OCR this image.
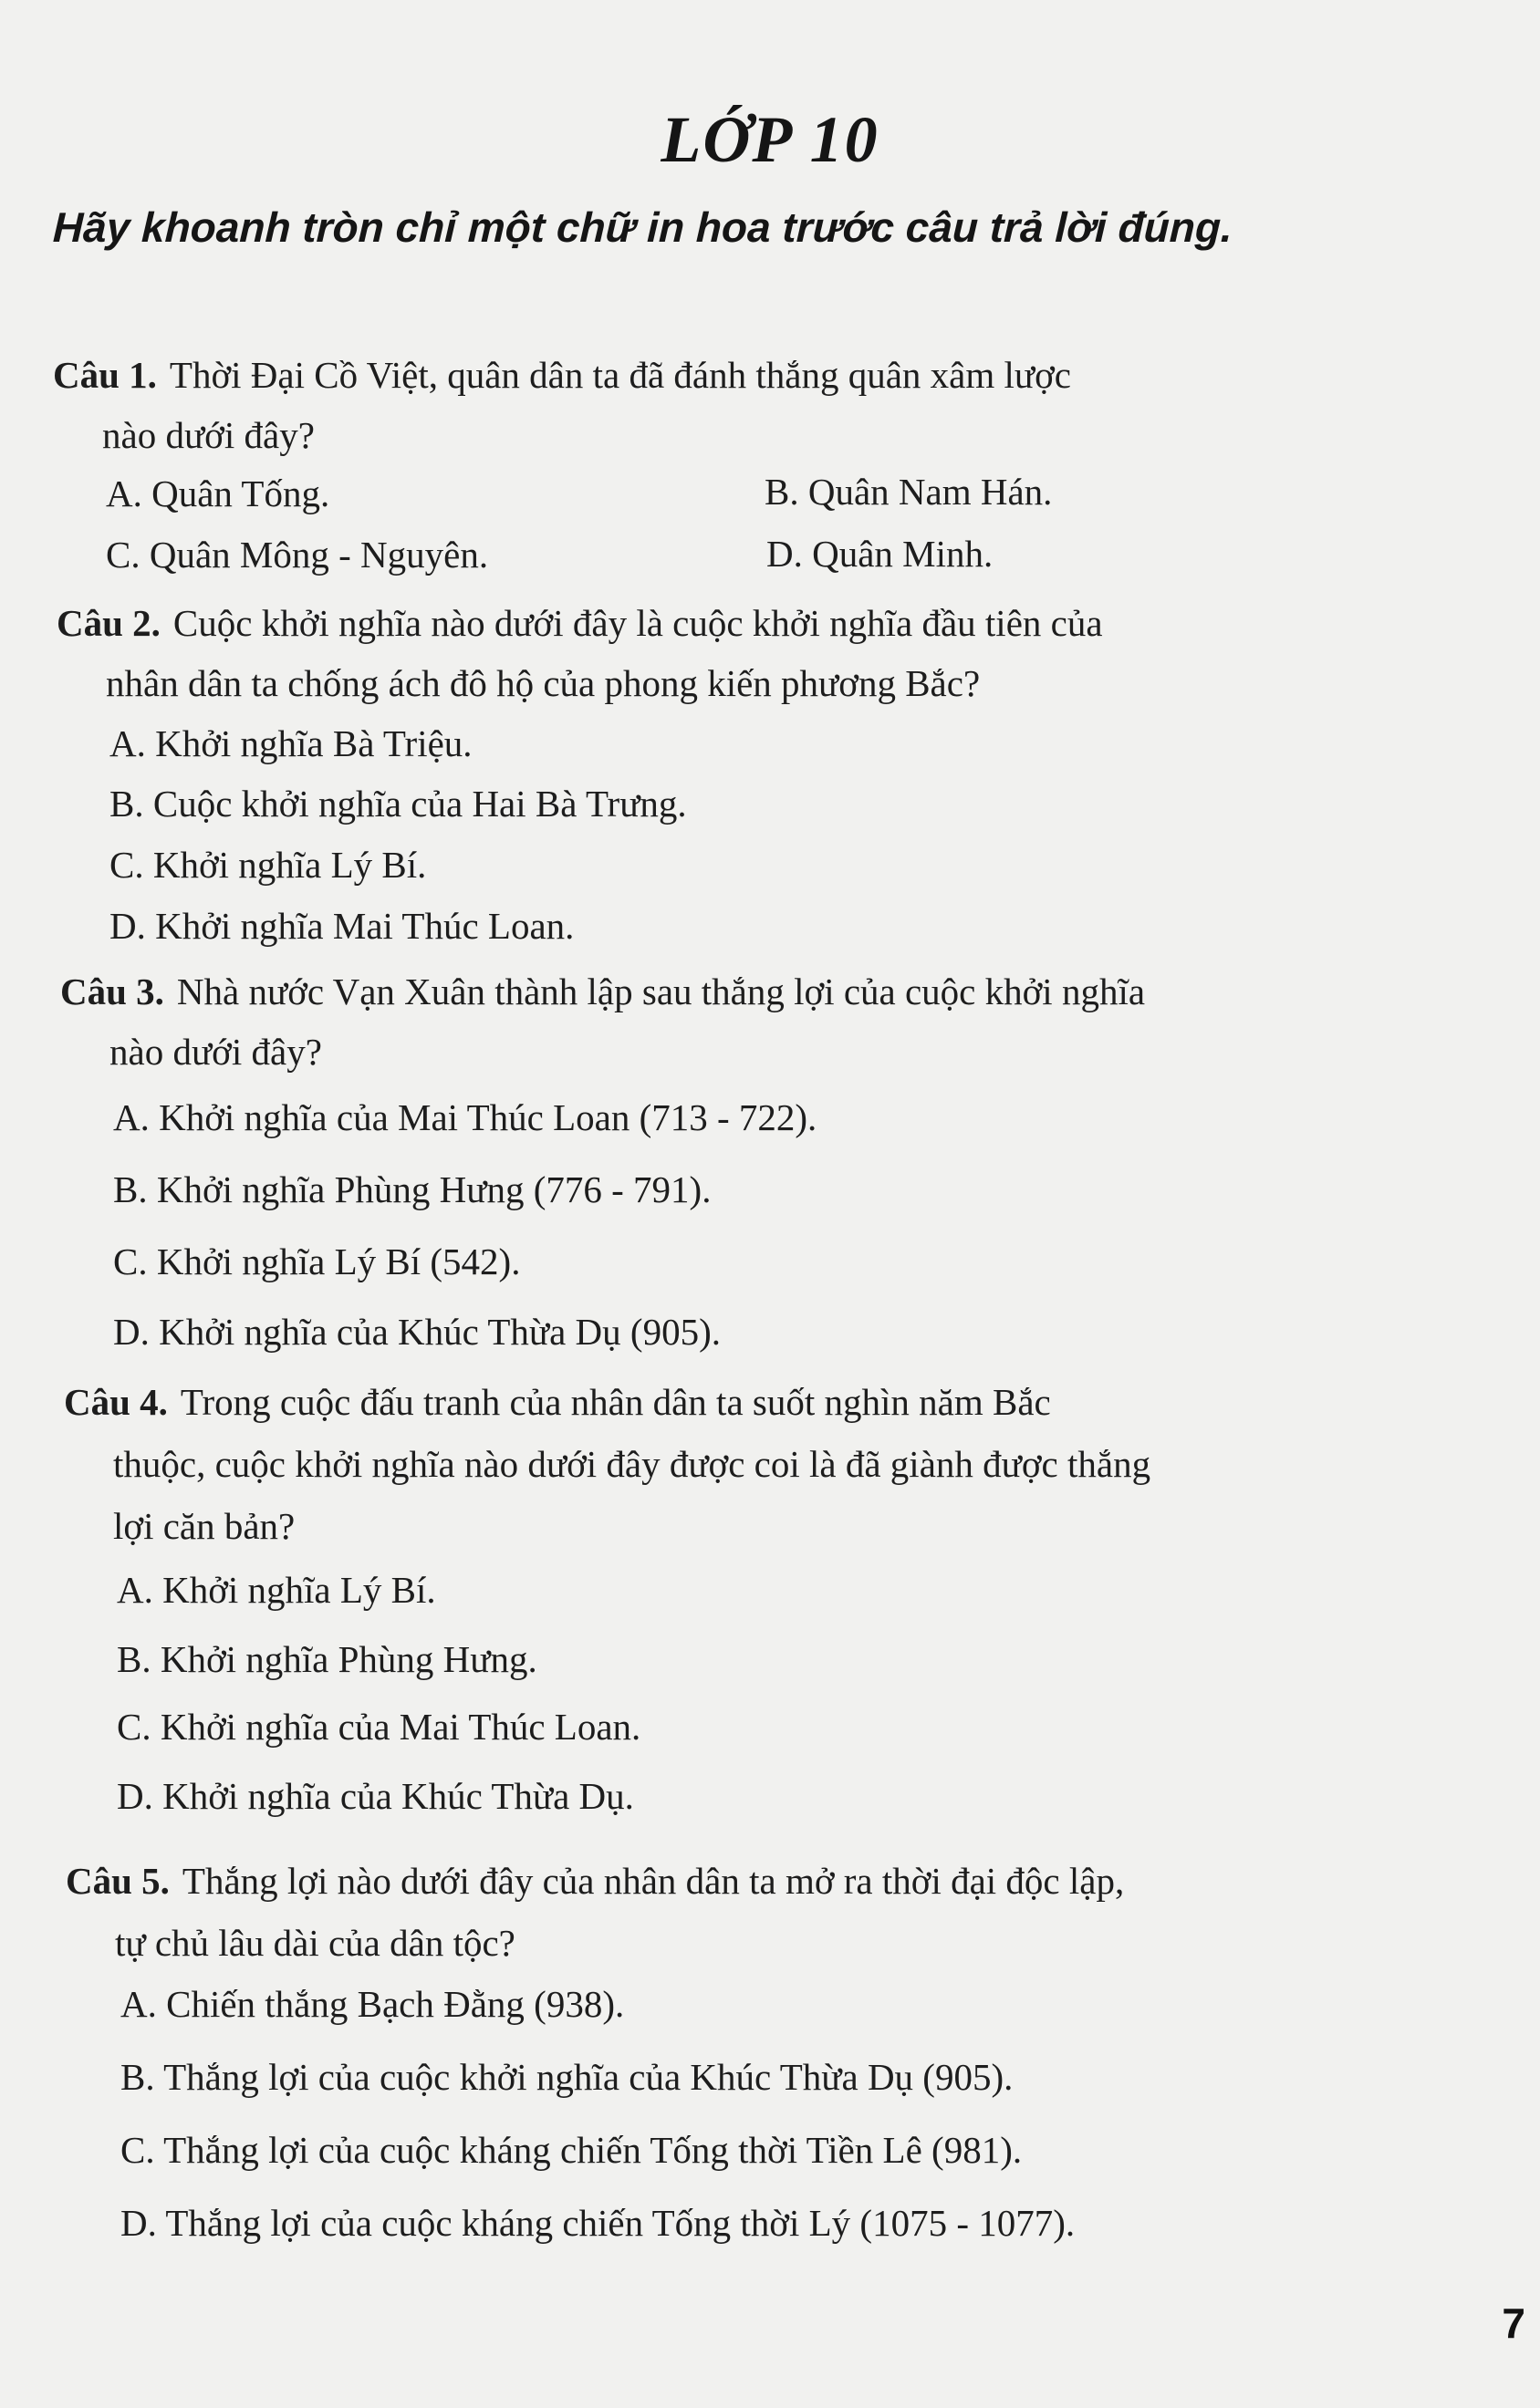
LỚP 10
Hãy khoanh tròn chỉ một chữ in hoa trước câu trả lời đúng.
Câu 1. Thời Đại Cồ Việt, quân dân ta đã đánh thắng quân xâm lược
nào dưới đây?
A. Quân Tống.	B. Quân Nam Hán.
C. Quân Mông - Nguyên.	D. Quân Minh.
Câu 2. Cuộc khởi nghĩa nào dưới đây là cuộc khởi nghĩa đầu tiên của
nhân dân ta chống ách đô hộ của phong kiến phương Bắc?
A. Khởi nghĩa Bà Triệu.
B. Cuộc khởi nghĩa của Hai Bà Trưng.
C. Khởi nghĩa Lý Bí.
D. Khởi nghĩa Mai Thúc Loan.
Câu 3. Nhà nước Vạn Xuân thành lập sau thắng lợi của cuộc khởi nghĩa
nào dưới đây?
A. Khởi nghĩa của Mai Thúc Loan (713 - 722).
B. Khởi nghĩa Phùng Hưng (776 - 791).
C. Khởi nghĩa Lý Bí (542).
D. Khởi nghĩa của Khúc Thừa Dụ (905).
Câu 4. Trong cuộc đấu tranh của nhân dân ta suốt nghìn năm Bắc
thuộc, cuộc khởi nghĩa nào dưới đây được coi là đã giành được thắng
lợi căn bản?
A. Khởi nghĩa Lý Bí.
B. Khởi nghĩa Phùng Hưng.
C. Khởi nghĩa của Mai Thúc Loan.
D. Khởi nghĩa của Khúc Thừa Dụ.
Câu 5. Thắng lợi nào dưới đây của nhân dân ta mở ra thời đại độc lập,
tự chủ lâu dài của dân tộc?
A. Chiến thắng Bạch Đằng (938).
B. Thắng lợi của cuộc khởi nghĩa của Khúc Thừa Dụ (905).
C. Thắng lợi của cuộc kháng chiến Tống thời Tiền Lê (981).
D. Thắng lợi của cuộc kháng chiến Tống thời Lý (1075 - 1077).
7
